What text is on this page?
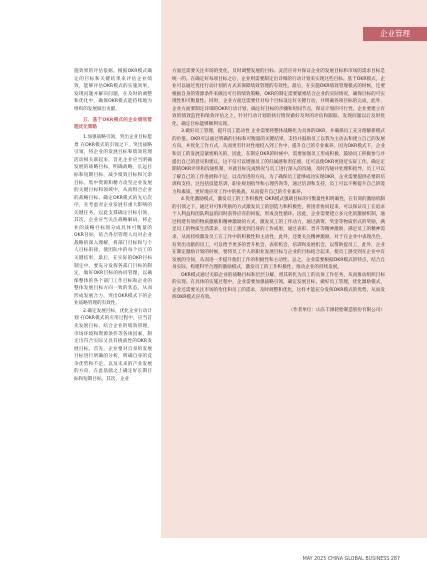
施效果的评估依据。根据OKR模式确定的目标和关键结果来评估企业绩效，能够评估OKR模式的实施效果，发现问题并解决问题，在及时的调整和优化中，确保OKR模式能持续地为组织的发展做出贡献。

五、基于OKR模式的企业绩效管理优化策略

1.加强战略引领，突出企业目标愿景 在OKR模式的引领之下，突出战略引领，将企业的发展目标和绩效管理活动相关联起来，首先企业应当明确发展的战略目标，明确战略，长远目标和短期目标，减少绩效目标和冗余目标，集中资源和精力攻坚企业发展的关键目标和领域中，从而组合企业的战略目标。确定OKR模式的先后次序，先考虑对企业发展有重大影响的关键任务，以此支撑确定目标引领，其次，企业应当关注战略解码，将企业的战略目标划分成具体可衡量的OKR目标，结合各层管理人员对企业战略的深入理解，将部门目标和与个人目标衔接，使团队中的每个员工的关键结果，最后，在实际的OKR目标制定中，要充分发挥各部门目标的制定，做好OKR目标的协同管理，以确保整体的各个部门工作目标和企业的整体发展目标方向一致的状态，从而形成发展合力，突出OKR模式下的企业战略管理的有效性。

2.确定发展目标，优化企业行动计划 在OKR模式的应用过程中，应当首先发展目标，结合企业的绩效管理，市场环境和资源条件等各项因素，制定出符合实际又具有挑战性的OKR发展目标。首先，企业要对自身的发展目标进行明确的分析，明确自身的竞争优势和不足，以及未来的产业发展的方向，在此基础之上确定好长期目标和短期目标。其次，企业

企业管理

方面还需要关注市场的变化，及时调整发展的目标。灵活应对并保证企业的发展目标和市场的需求目标是统一的。在确定好每项目标之后，企业则需要制定出详细的行动计划来实现这些目标。基于OKR模式，企业可以通过优化行动计划的方式来保障绩效管理的有效性。最后，在实施OKR绩效管理模式的时候，还要根据自身的资源条件来做出可行的绩效策略，OKR的制定需要紧密结合企业的实际情况，确保目标的可实现性和可衡量性。同时，企业方面还需要针对每个目标设定好关键行动，并明确各项目标的完成，此外，企业方面要制定详细的OKR行动计划，确定好目标的步骤和时间节点，保证计划的可行性。企业要建立有效的绩效监控和绩效评估之上，针对行动计划的执行情况做好及时的评估和跟踪，发现问题以后及时优化，确定目标能够顺利实现。

3.做好员工管理，提升员工能动性 企业需要将整体战略化为具体的OKR，并确保员工充分理解新模式的价值。OKR可以通过明确的目标和可衡量的关键结果，支持并鼓励员工以我为主动去和建立自己的发展方向，并优化工作方式，从而更有针对性地投入到工作中，提升自己的专业素养。因为OKR模式下，企业和员工的发展是紧密相关的，因此，在制定OKR的时候中，需要加强员工形成积极，鼓励员工积极参与并提出自己的意见和建议，这不仅可以增强员工的归属感和责任感，还可以使OKR更接近实际工作。确定定期的OKR评审和沟通机制，并就目标完成情况与员工进行深入的沟通，及时沟通并处理和指导，员工可以了解自己的工作进展和不足，以及改进的方向。为了确保员工能够成功实现OKR，企业需要提供必要的培训和支持，这包括技能培训，职业规划指导和心理咨询等，通过培训和支持，员工可以不断提升自己的能力和素质，更好地应对工作中的挑战，从而提升自己的专业素养。

4.优化激励模式，激发员工的工作积极性 OKR模式强调目标的可衡量性和明确性。在有效的激励机制的引领之下，通过对可和奖励的方式激发员工的创造力和积极性，将团者协同起来，可以保证员工在追求个人利益和团队利益的同时获得应有的回报，形成良性循环。因此，企业需要建立多元化的激励机制，通过构建有效的物质激励和精神激励的方式，激发员工的工作动力，通过薪资、奖金等物质形式的奖励，满足员工的物质生活需求，让员工感受到自身的工作成果，通过表彰、晋升等精神激励，满足员工的精神需求，从而持续激发员工在工作中的积极性和主动性，此外，还要关注精神激励，对于在企业中表现出色，有突出贡献的员工，可以给予更多的晋升机会，表彰机会，培训和发展机会，以帮助提员工，此外，企业在制定激励计划的时候，要将员工个人的职业发展目标与企业的目标结合起来，使员工感受到在企业中有发展的空间，从而进一步提升他们工作的积极性和主动性。总之，企业需要根据OKR模式的特点，结合自身实际，构建科学合理的激励模式，激发员工的工作积极性，推动企业的持续发展。

OKR模式通过关联企业的战略目标和层层分解，将其转化为员工的具体工作任务，从而推动组织目标的实现。在具体的实施过程中，企业需要加强战略引领，确定发展目标，做好员工管理，优化激励模式，企业还需要关注市场的变化和员工的需求，及时调整和优化，这样才能充分发挥OKR模式的优势，从而发挥OKR模式应有效。

（作者单位：山东丰源轮胎制造股份有限公司）

MAY 2025 CHINA GLOBAL BUSINESS 287
